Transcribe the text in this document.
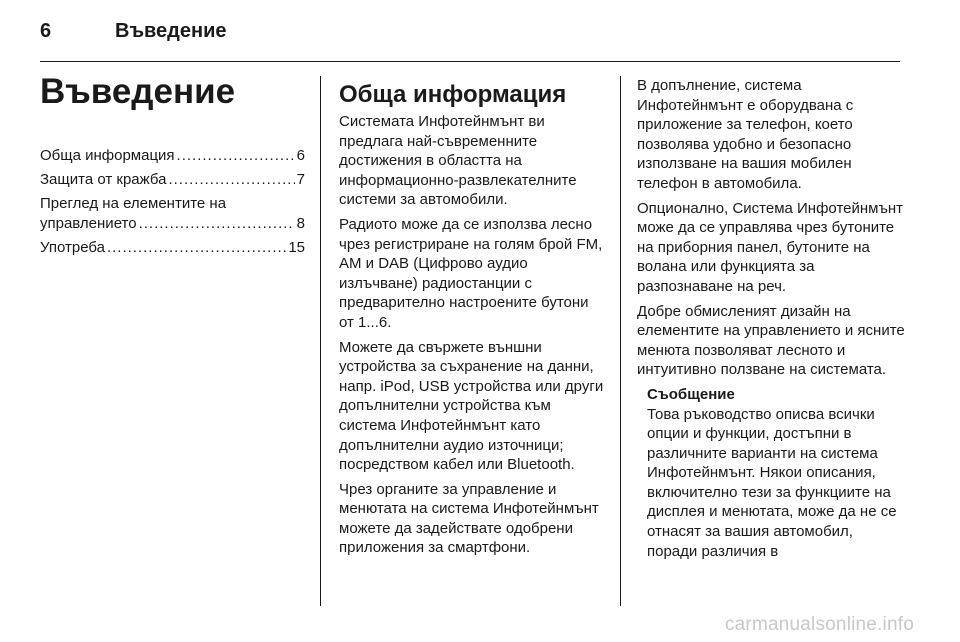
6	Въведение
Въведение
Обща информация .....	6
Защита от кражба .....	7
Преглед на елементите на
управлението .....	8
Употреба .....	15
Обща информация

Системата Инфотейнмънт ви предлага най-съвременните достижения в областта на информационно-развлекателните системи за автомобили.

Радиото може да се използва лесно чрез регистриране на голям брой FM, AM и DAB (Цифрово аудио излъчване) радиостанции с предварително настроените бутони от 1...6.

Можете да свържете външни устройства за съхранение на данни, напр. iPod, USB устройства или други допълнителни устройства към система Инфотейнмънт като допълнителни аудио източници; посредством кабел или Bluetooth.

Чрез органите за управление и менютата на система Инфотейнмънт можете да задействате одобрени приложения за смартфони.

В допълнение, система Инфотейнмънт е оборудвана с приложение за телефон, което позволява удобно и безопасно използване на вашия мобилен телефон в автомобила.

Опционално, Система Инфотейнмънт може да се управлява чрез бутоните на приборния панел, бутоните на волана или функцията за разпознаване на реч.

Добре обмисленият дизайн на елементите на управлението и ясните менюта позволяват лесното и интуитивно ползване на системата.

Съобщение

Това ръководство описва всички опции и функции, достъпни в различните варианти на система Инфотейнмънт. Някои описания, включително тези за функциите на дисплея и менютата, може да не се отнасят за вашия автомобил, поради различия в

carmanualsonline.info
